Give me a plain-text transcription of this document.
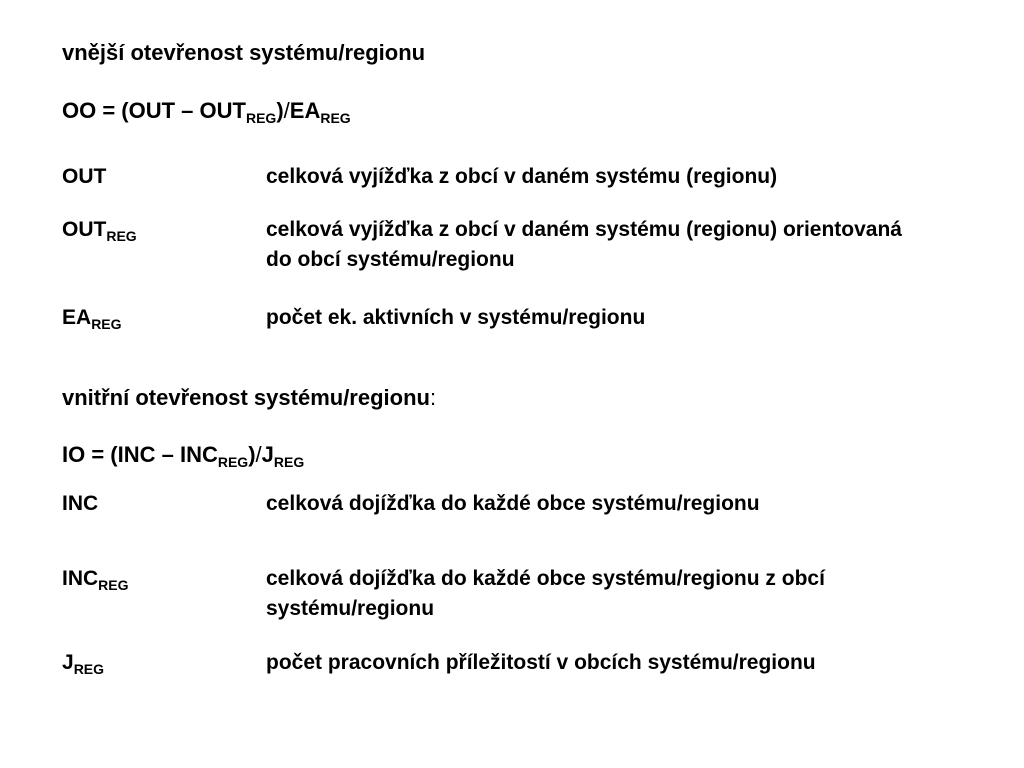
vnější otevřenost systému/regionu
OO = $(OUT - OUT_{REG})/EA_{REG}$
OUT	celková vyjížďka z obcí v daném systému (regionu)
$OUT_{REG}$	celková vyjížďka z obcí v daném systému (regionu) orientovaná do obcí systému/regionu
$EA_{REG}$	počet ek. aktivních v systému/regionu
vnitřní otevřenost systému/regionu:
IO = $(INC - INC_{REG})/J_{REG}$
INC	celková dojížďka do každé obce systému/regionu
$INC_{REG}$	celková dojížďka do každé obce systému/regionu z obcí systému/regionu
$J_{REG}$	počet pracovních příležitostí v obcích systému/regionu
